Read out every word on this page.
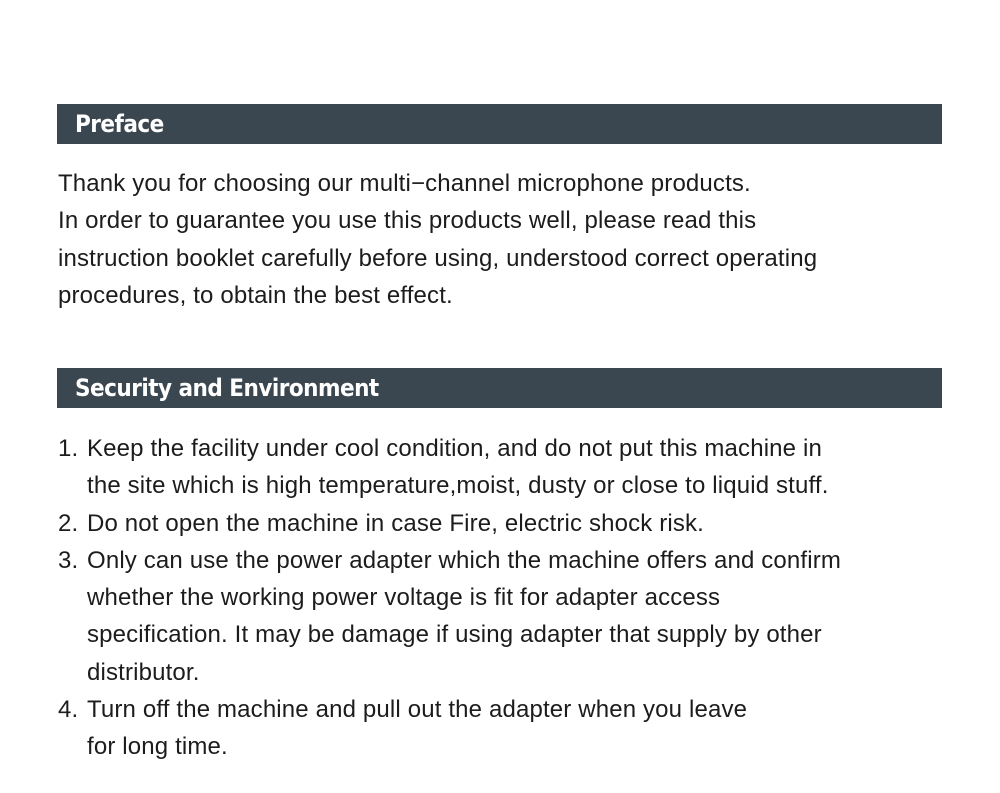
Preface

Thank you for choosing our multi−channel microphone products.

In order to guarantee you use this products well, please read this

instruction booklet carefully before using, understood correct operating

procedures, to obtain the best effect.

Security and Environment
1. Keep the facility under cool condition, and do not put this machine in
the site which is high temperature,moist, dusty or close to liquid stuff.
2. Do not open the machine in case Fire, electric shock risk.
3. Only can use the power adapter which the machine offers and confirm
whether the working power voltage is fit for adapter access
specification. It may be damage if using adapter that supply by other
distributor.
4. Turn off the machine and pull out the adapter when you leave
for long time.
